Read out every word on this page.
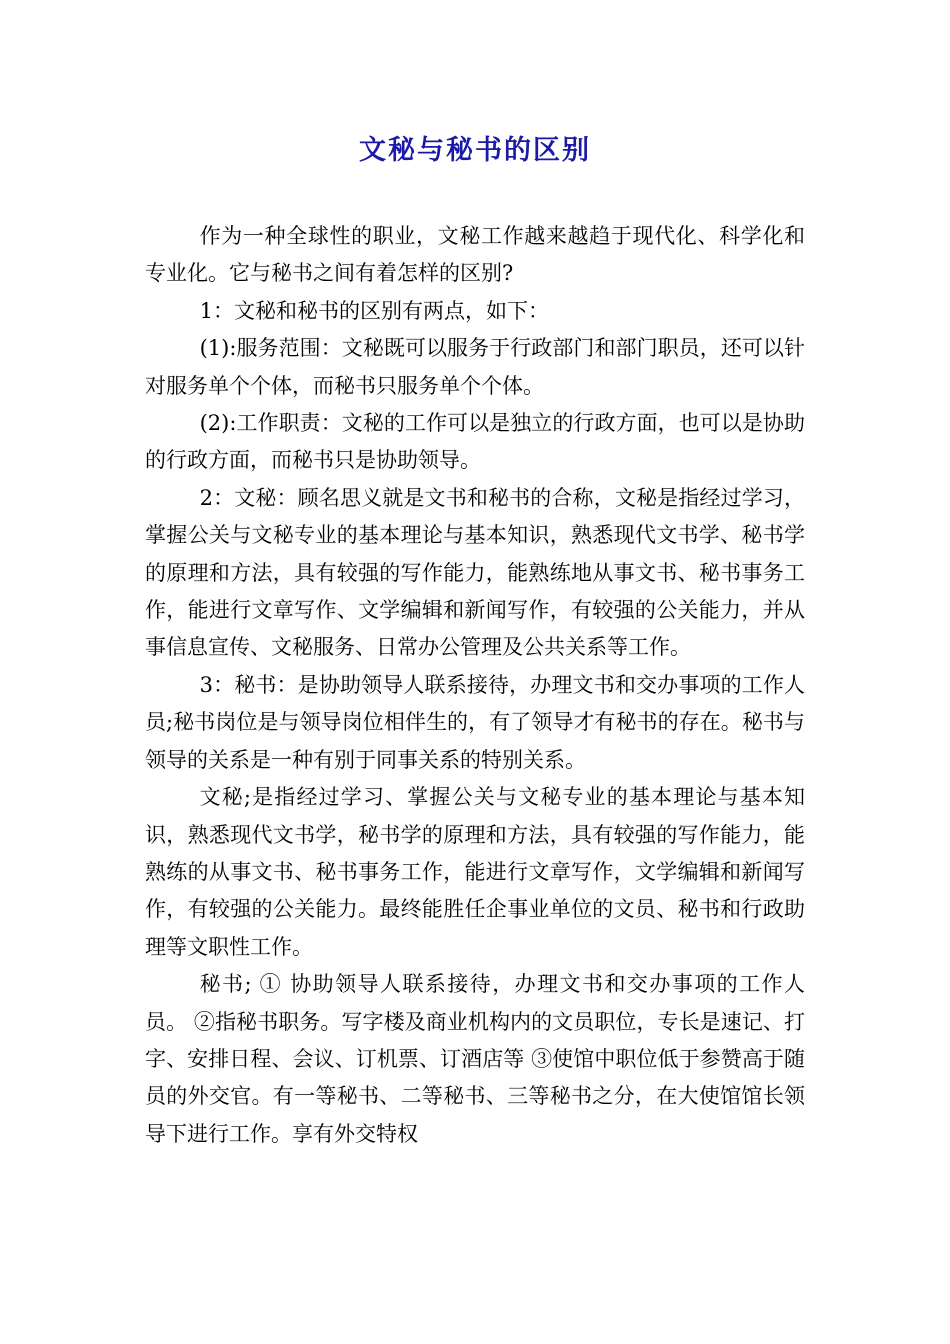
文秘与秘书的区别

作为一种全球性的职业，文秘工作越来越趋于现代化、科学化和专业化。它与秘书之间有着怎样的区别?

1：文秘和秘书的区别有两点，如下：

(1):服务范围：文秘既可以服务于行政部门和部门职员，还可以针对服务单个个体，而秘书只服务单个个体。

(2):工作职责：文秘的工作可以是独立的行政方面，也可以是协助的行政方面，而秘书只是协助领导。

2：文秘：顾名思义就是文书和秘书的合称，文秘是指经过学习，掌握公关与文秘专业的基本理论与基本知识，熟悉现代文书学、秘书学的原理和方法，具有较强的写作能力，能熟练地从事文书、秘书事务工作，能进行文章写作、文学编辑和新闻写作，有较强的公关能力，并从事信息宣传、文秘服务、日常办公管理及公共关系等工作。

3：秘书：是协助领导人联系接待，办理文书和交办事项的工作人员;秘书岗位是与领导岗位相伴生的，有了领导才有秘书的存在。秘书与领导的关系是一种有别于同事关系的特别关系。

文秘;是指经过学习、掌握公关与文秘专业的基本理论与基本知识，熟悉现代文书学，秘书学的原理和方法，具有较强的写作能力，能熟练的从事文书、秘书事务工作，能进行文章写作，文学编辑和新闻写作，有较强的公关能力。最终能胜任企事业单位的文员、秘书和行政助理等文职性工作。

秘书; ① 协助领导人联系接待，办理文书和交办事项的工作人员。 ②指秘书职务。写字楼及商业机构内的文员职位，专长是速记、打字、安排日程、会议、订机票、订酒店等 ③使馆中职位低于参赞高于随员的外交官。有一等秘书、二等秘书、三等秘书之分，在大使馆馆长领导下进行工作。享有外交特权
